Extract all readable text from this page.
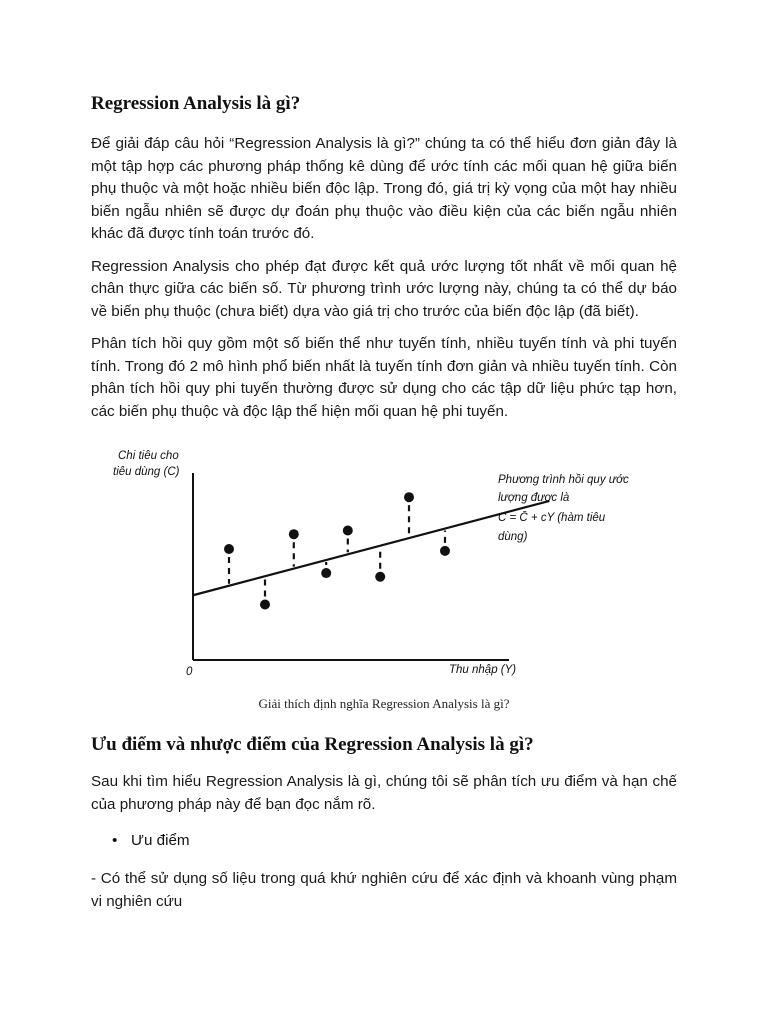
Regression Analysis là gì?

Để giải đáp câu hỏi “Regression Analysis là gì?” chúng ta có thể hiểu đơn giản đây là một tập hợp các phương pháp thống kê dùng để ước tính các mối quan hệ giữa biến phụ thuộc và một hoặc nhiều biến độc lập. Trong đó, giá trị kỳ vọng của một hay nhiều biến ngẫu nhiên sẽ được dự đoán phụ thuộc vào điều kiện của các biến ngẫu nhiên khác đã được tính toán trước đó.

Regression Analysis cho phép đạt được kết quả ước lượng tốt nhất về mối quan hệ chân thực giữa các biến số. Từ phương trình ước lượng này, chúng ta có thể dự báo về biến phụ thuộc (chưa biết) dựa vào giá trị cho trước của biến độc lập (đã biết).

Phân tích hồi quy gồm một số biến thể như tuyến tính, nhiều tuyến tính và phi tuyến tính. Trong đó 2 mô hình phổ biến nhất là tuyến tính đơn giản và nhiều tuyến tính. Còn phân tích hồi quy phi tuyến thường được sử dụng cho các tập dữ liệu phức tạp hơn, các biến phụ thuộc và độc lập thể hiện mối quan hệ phi tuyến.

Chi tiêu cho
tiêu dùng (C)
0	Thu nhập (Y)
Phương trình hồi quy ước
lượng được là
C = C̄ + cY (hàm tiêu
dùng)
Giải thích định nghĩa Regression Analysis là gì?
Ưu điểm và nhược điểm của Regression Analysis là gì?

Sau khi tìm hiểu Regression Analysis là gì, chúng tôi sẽ phân tích ưu điểm và hạn chế của phương pháp này để bạn đọc nắm rõ.

• Ưu điểm

- Có thể sử dụng số liệu trong quá khứ nghiên cứu để xác định và khoanh vùng phạm vi nghiên cứu
